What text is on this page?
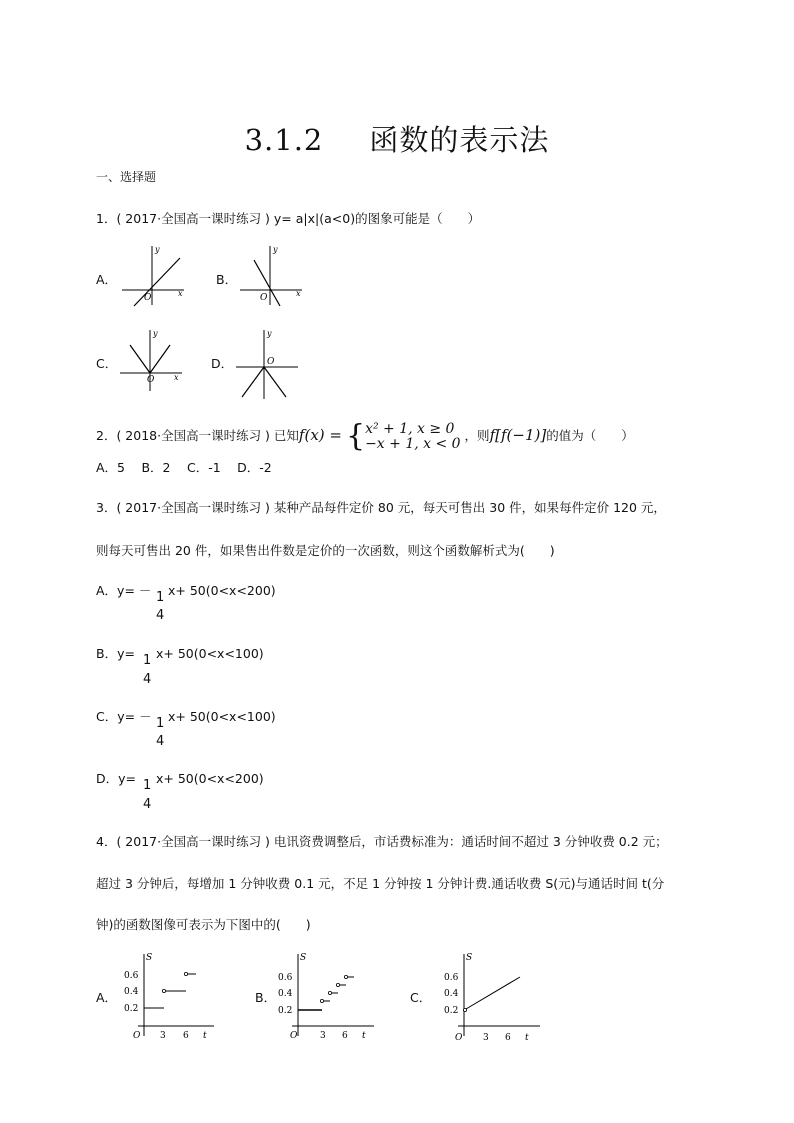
3.1.2 函数的表示法
一、选择题
1．( 2017·全国高一课时练习 ) y= a|x|(a<0)的图象可能是（　　）
A．
y
x
O
B．
y
x
O
C．
y
x
O
D．
y
O
2．( 2018·全国高一课时练习 ) 已知f(x) = { x² + 1, x ≥ 0
−x + 1, x < 0 ，则f[f(−1)]的值为（　　）
A．5　 B．2　 C．-1　 D．-2
3．( 2017·全国高一课时练习 ) 某种产品每件定价 80 元，每天可售出 30 件，如果每件定价 120 元，
则每天可售出 20 件，如果售出件数是定价的一次函数，则这个函数解析式为(　　)
A．y= － 1
4
x+ 50(0<x<200)
B．y= 1
4
x+ 50(0<x<100)
C．y= － 1
4
x+ 50(0<x<100)
D．y= 1
4
x+ 50(0<x<200)
4．( 2017·全国高一课时练习 ) 电讯资费调整后，市话费标准为：通话时间不超过 3 分钟收费 0.2 元；
超过 3 分钟后，每增加 1 分钟收费 0.1 元，不足 1 分钟按 1 分钟计费.通话收费 S(元)与通话时间 t(分
钟)的函数图像可表示为下图中的(　　)
A．
S
0.6
0.4
0.2
O 3 6 t
B．
S
0.6
0.4
0.2
O	3 6 t
C．
S
0.6
0.4
0.2
O 3 6 t
